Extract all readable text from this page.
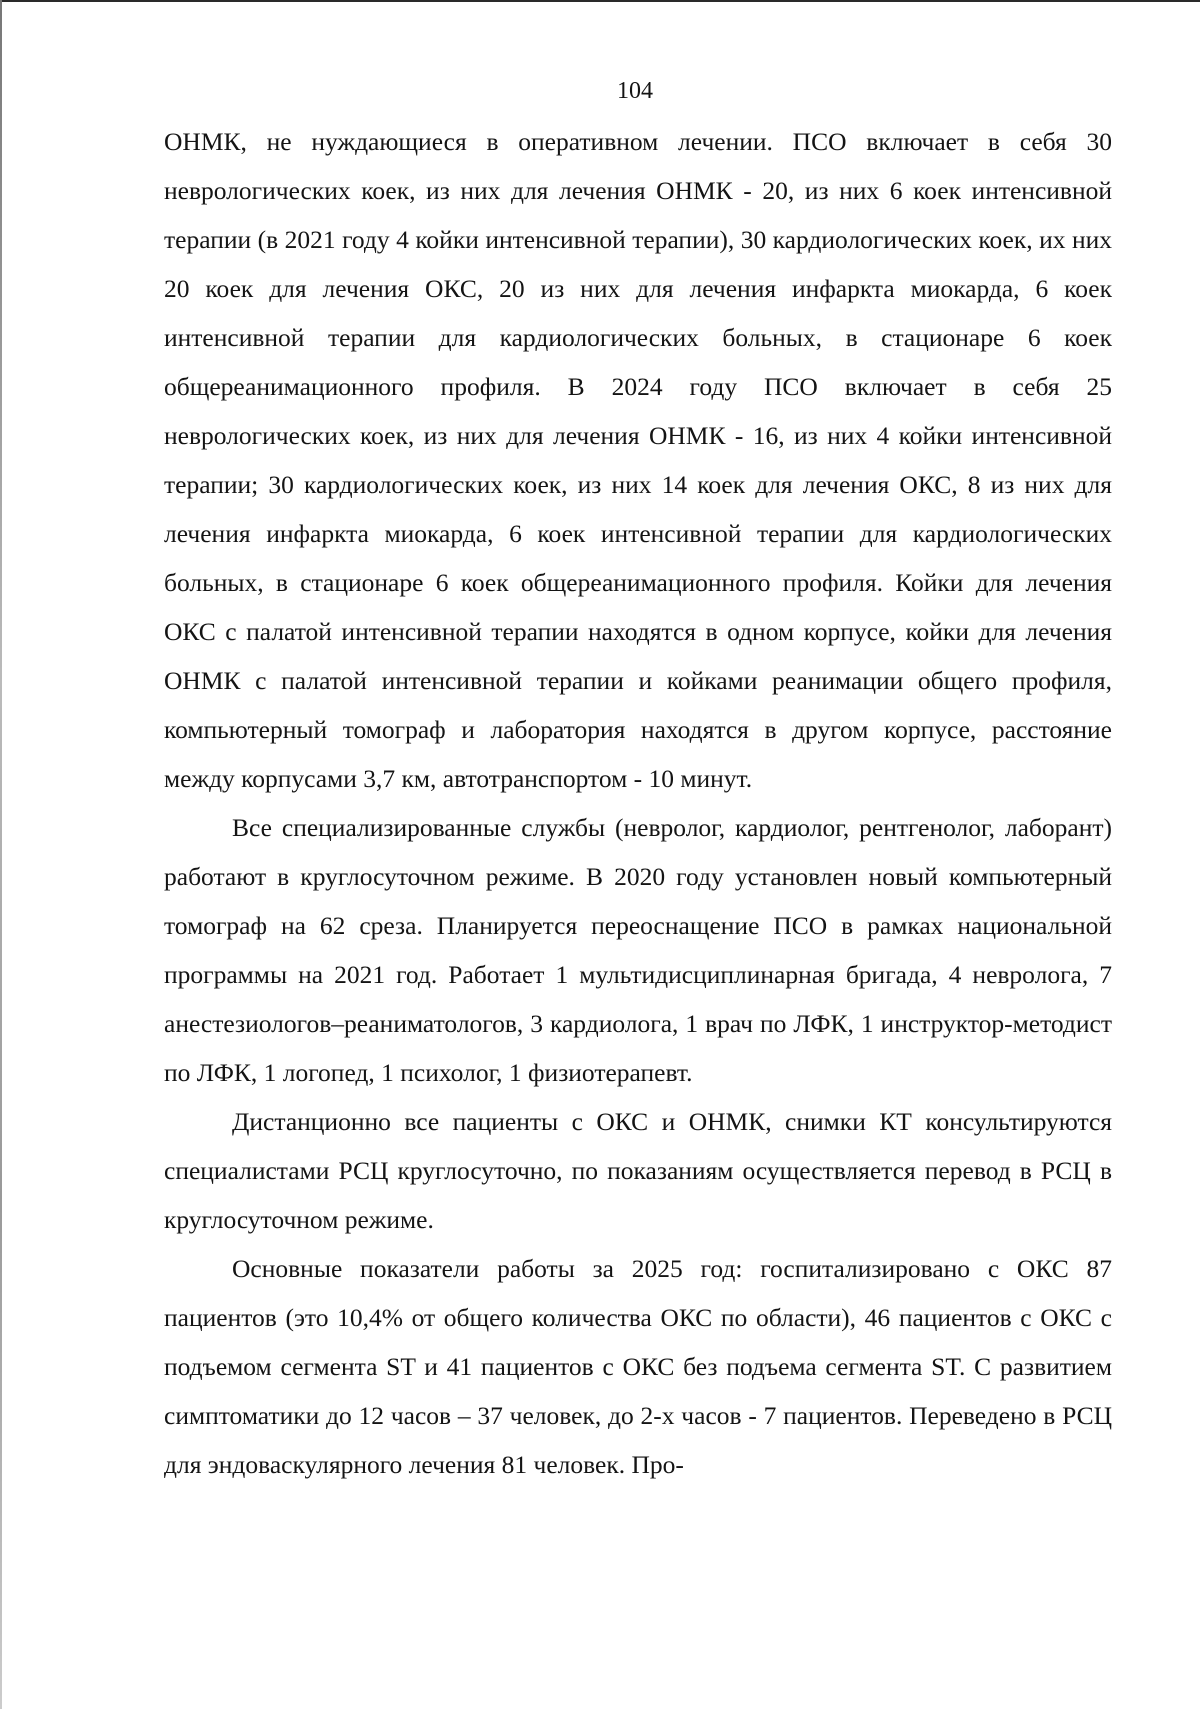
104

ОНМК, не нуждающиеся в оперативном лечении. ПСО включает в себя 30 неврологических коек, из них для лечения ОНМК - 20, из них 6 коек интенсивной терапии (в 2021 году 4 койки интенсивной терапии), 30 кардиологических коек, их них 20 коек для лечения ОКС, 20 из них для лечения инфаркта миокарда, 6 коек интенсивной терапии для кардиологических больных, в стационаре 6 коек общереанимационного профиля. В 2024 году ПСО включает в себя 25 неврологических коек, из них для лечения ОНМК - 16, из них 4 койки интенсивной терапии; 30 кардиологических коек, из них 14 коек для лечения ОКС, 8 из них для лечения инфаркта миокарда, 6 коек интенсивной терапии для кардиологических больных, в стационаре 6 коек общереанимационного профиля. Койки для лечения ОКС с палатой интенсивной терапии находятся в одном корпусе, койки для лечения ОНМК с палатой интенсивной терапии и койками реанимации общего профиля, компьютерный томограф и лаборатория находятся в другом корпусе, расстояние между корпусами 3,7 км, автотранспортом - 10 минут.

Все специализированные службы (невролог, кардиолог, рентгенолог, лаборант) работают в круглосуточном режиме. В 2020 году установлен новый компьютерный томограф на 62 среза. Планируется переоснащение ПСО в рамках национальной программы на 2021 год. Работает 1 мультидисциплинарная бригада, 4 невролога, 7 анестезиологов–реаниматологов, 3 кардиолога, 1 врач по ЛФК, 1 инструктор-методист по ЛФК, 1 логопед, 1 психолог, 1 физиотерапевт.

Дистанционно все пациенты с ОКС и ОНМК, снимки КТ консультируются специалистами РСЦ круглосуточно, по показаниям осуществляется перевод в РСЦ в круглосуточном режиме.

Основные показатели работы за 2025 год: госпитализировано с ОКС 87 пациентов (это 10,4% от общего количества ОКС по области), 46 пациентов с ОКС с подъемом сегмента ST и 41 пациентов с ОКС без подъема сегмента ST. С развитием симптоматики до 12 часов – 37 человек, до 2-х часов - 7 пациентов. Переведено в РСЦ для эндоваскулярного лечения 81 человек. Про-
